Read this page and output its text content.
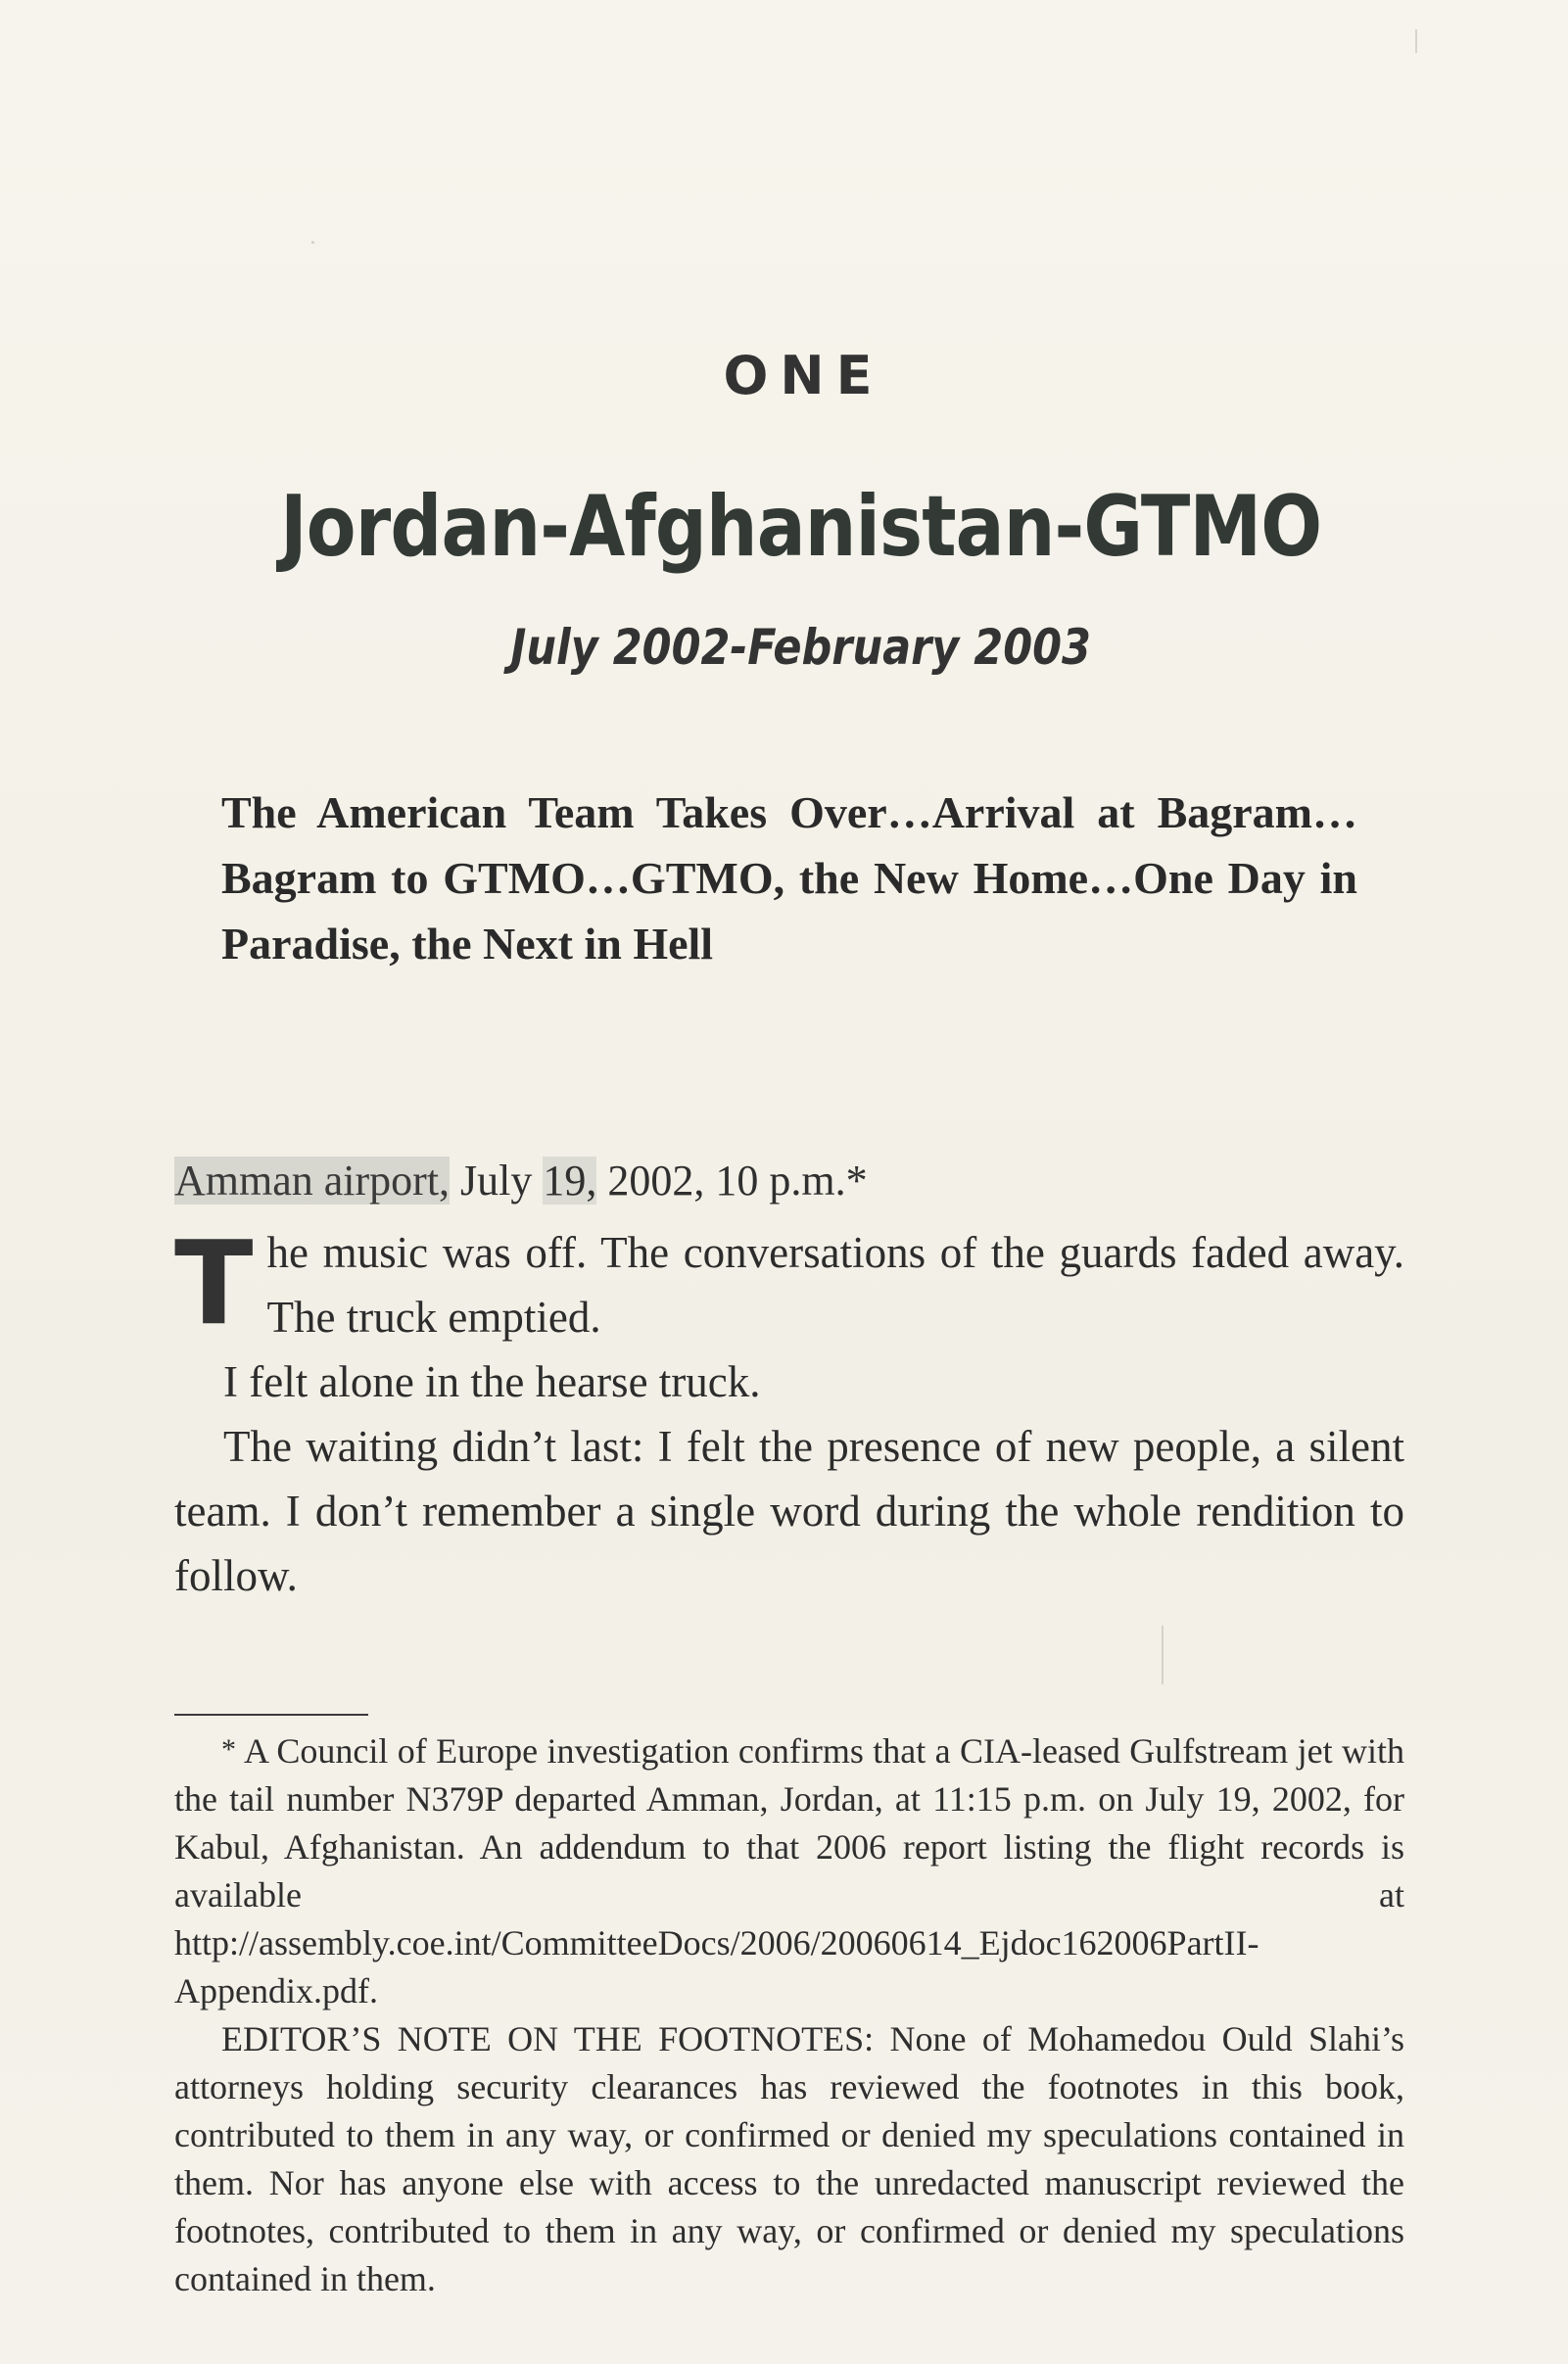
ONE
Jordan-Afghanistan-GTMO
July 2002-February 2003
The American Team Takes Over…Arrival at Bagram… Bagram to GTMO…GTMO, the New Home…One Day in Paradise, the Next in Hell
Amman airport, July 19, 2002, 10 p.m.*

The music was off. The conversations of the guards faded away. The truck emptied.

I felt alone in the hearse truck.

The waiting didn’t last: I felt the presence of new people, a silent team. I don’t remember a single word during the whole rendition to follow.

* A Council of Europe investigation confirms that a CIA-leased Gulfstream jet with the tail number N379P departed Amman, Jordan, at 11:15 p.m. on July 19, 2002, for Kabul, Afghanistan. An addendum to that 2006 report listing the flight records is available at http://assembly.coe.int/CommitteeDocs/2006/20060614_Ejdoc162006PartII-Appendix.pdf.

EDITOR’S NOTE ON THE FOOTNOTES: None of Mohamedou Ould Slahi’s attorneys holding security clearances has reviewed the footnotes in this book, contributed to them in any way, or confirmed or denied my speculations contained in them. Nor has anyone else with access to the unredacted manuscript reviewed the footnotes, contributed to them in any way, or confirmed or denied my speculations contained in them.
